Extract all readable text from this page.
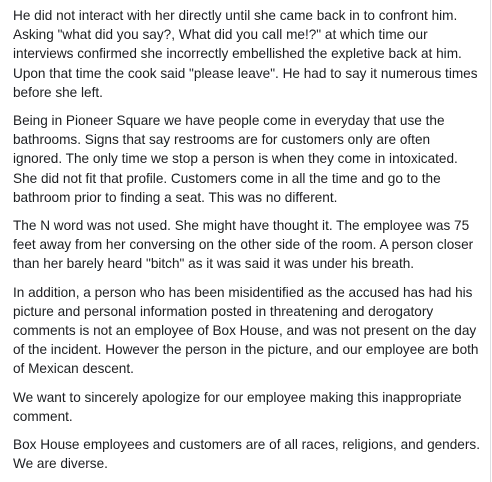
He did not interact with her directly until she came back in to confront him. Asking "what did you say?, What did you call me!?" at which time our interviews confirmed she incorrectly embellished the expletive back at him. Upon that time the cook said "please leave". He had to say it numerous times before she left.

Being in Pioneer Square we have people come in everyday that use the bathrooms. Signs that say restrooms are for customers only are often ignored. The only time we stop a person is when they come in intoxicated. She did not fit that profile. Customers come in all the time and go to the bathroom prior to finding a seat. This was no different.

The N word was not used. She might have thought it. The employee was 75 feet away from her conversing on the other side of the room. A person closer than her barely heard "bitch" as it was said it was under his breath.

In addition, a person who has been misidentified as the accused has had his picture and personal information posted in threatening and derogatory comments is not an employee of Box House, and was not present on the day of the incident. However the person in the picture, and our employee are both of Mexican descent.

We want to sincerely apologize for our employee making this inappropriate comment.

Box House employees and customers are of all races, religions, and genders. We are diverse.
